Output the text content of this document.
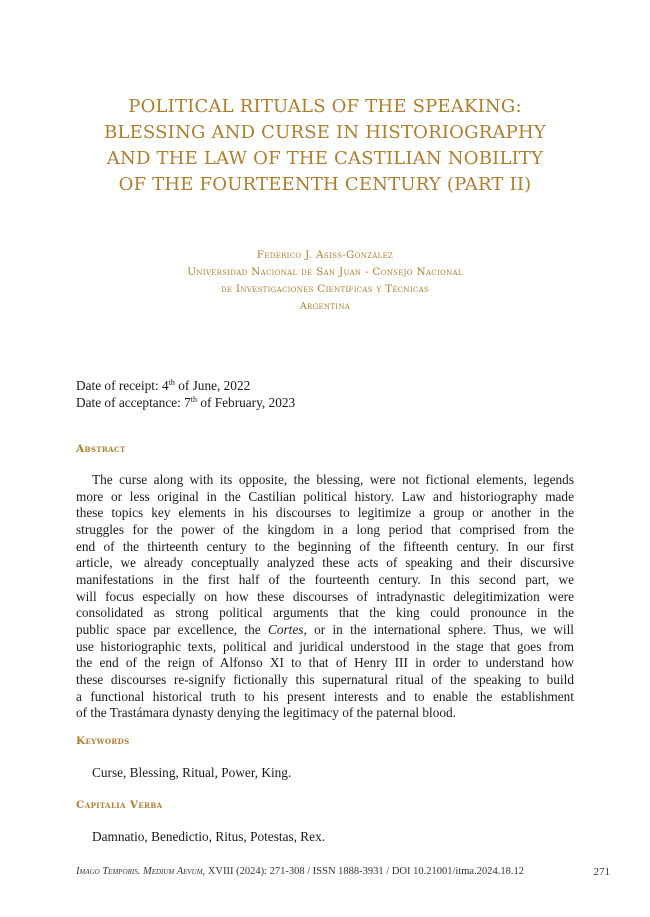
POLITICAL RITUALS OF THE SPEAKING:
BLESSING AND CURSE IN HISTORIOGRAPHY
AND THE LAW OF THE CASTILIAN NOBILITY
OF THE FOURTEENTH CENTURY (PART II)
Federico J. Asiss-González
Universidad Nacional de San Juan - Consejo Nacional
de Investigaciones Científicas y Técnicas
Argentina
Date of receipt: 4th of June, 2022
Date of acceptance: 7th of February, 2023
Abstract
The curse along with its opposite, the blessing, were not fictional elements, legends
more or less original in the Castilian political history. Law and historiography made
these topics key elements in his discourses to legitimize a group or another in the
struggles for the power of the kingdom in a long period that comprised from the
end of the thirteenth century to the beginning of the fifteenth century. In our first
article, we already conceptually analyzed these acts of speaking and their discursive
manifestations in the first half of the fourteenth century. In this second part, we
will focus especially on how these discourses of intradynastic delegitimization were
consolidated as strong political arguments that the king could pronounce in the
public space par excellence, the Cortes, or in the international sphere. Thus, we will
use historiographic texts, political and juridical understood in the stage that goes from
the end of the reign of Alfonso XI to that of Henry III in order to understand how
these discourses re-signify fictionally this supernatural ritual of the speaking to build
a functional historical truth to his present interests and to enable the establishment
of the Trastámara dynasty denying the legitimacy of the paternal blood.
Keywords
Curse, Blessing, Ritual, Power, King.
Capitalia Verba
Damnatio, Benedictio, Ritus, Potestas, Rex.
Imago Temporis. Medium Aevum, XVIII (2024): 271-308 / ISSN 1888-3931 / DOI 10.21001/itma.2024.18.12	271
